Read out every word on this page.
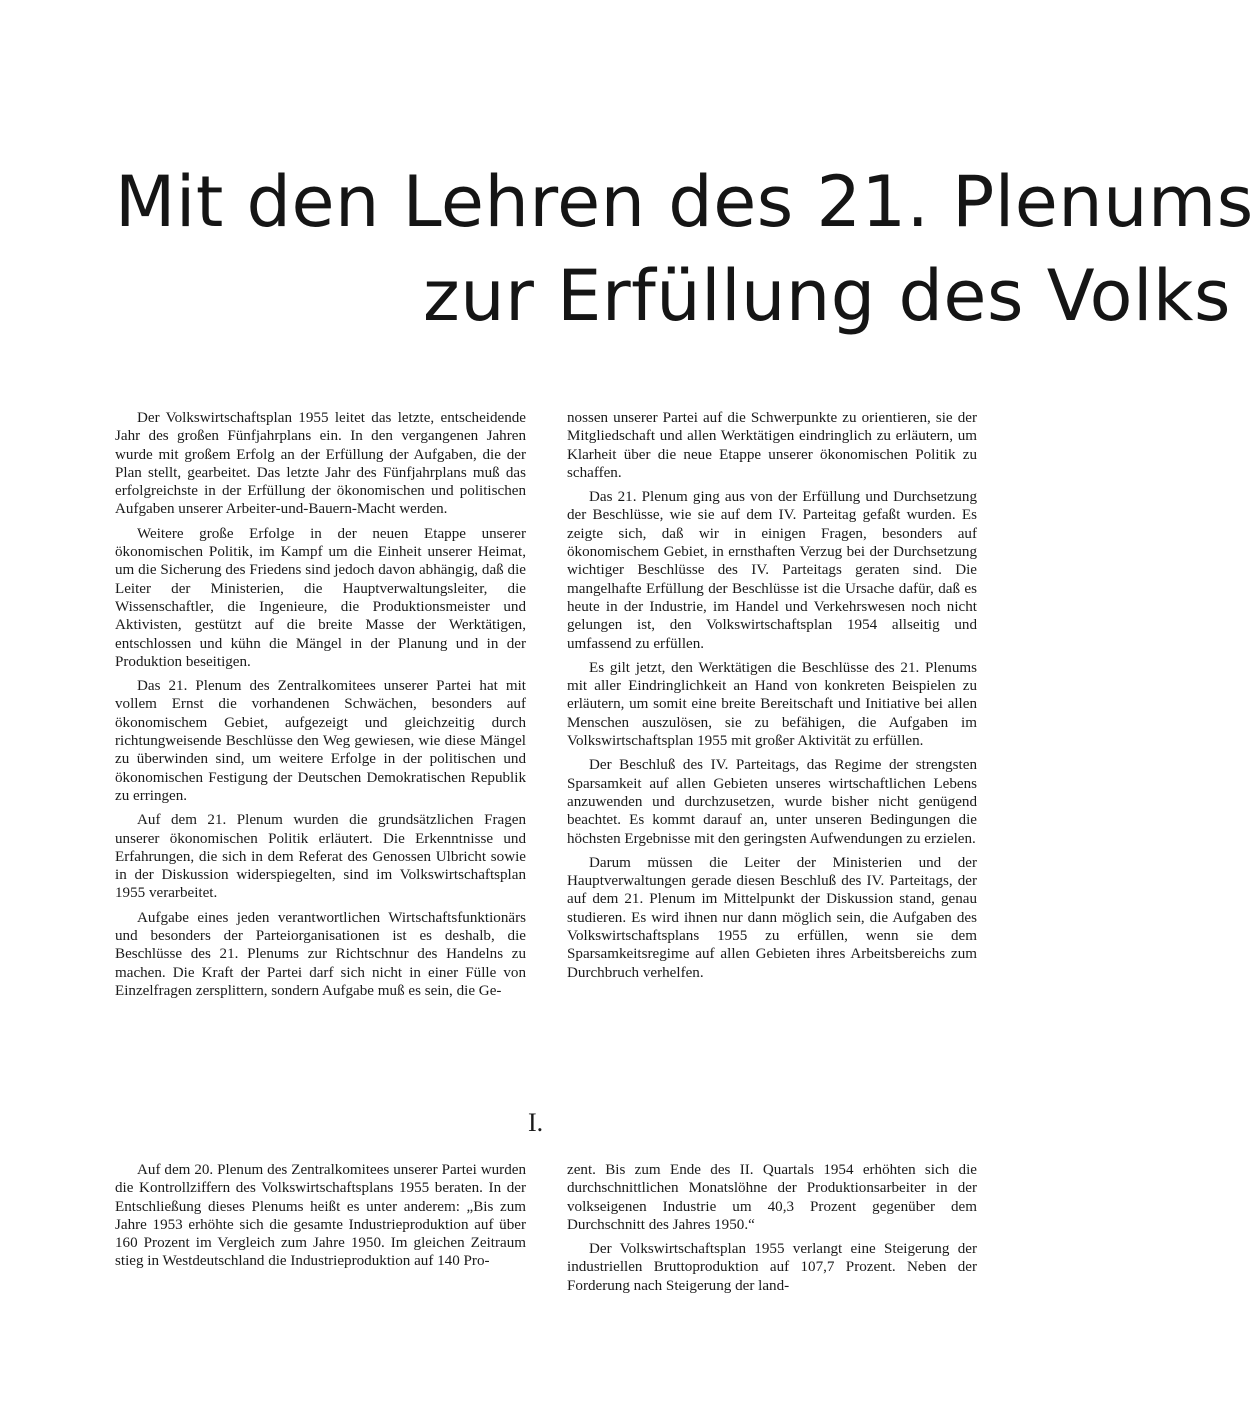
Mit den Lehren des 21. Plenums
zur Erfüllung des Volks

Der Volkswirtschaftsplan 1955 leitet das letzte, entscheidende Jahr des großen Fünfjahrplans ein. In den vergangenen Jahren wurde mit großem Erfolg an der Erfüllung der Aufgaben, die der Plan stellt, gearbeitet. Das letzte Jahr des Fünfjahrplans muß das erfolgreichste in der Erfüllung der ökonomischen und politischen Aufgaben unserer Arbeiter-und-Bauern-Macht werden.

Weitere große Erfolge in der neuen Etappe unserer ökonomischen Politik, im Kampf um die Einheit unserer Heimat, um die Sicherung des Friedens sind jedoch davon abhängig, daß die Leiter der Ministerien, die Hauptverwaltungsleiter, die Wissenschaftler, die Ingenieure, die Produktionsmeister und Aktivisten, gestützt auf die breite Masse der Werktätigen, entschlossen und kühn die Mängel in der Planung und in der Produktion beseitigen.

Das 21. Plenum des Zentralkomitees unserer Partei hat mit vollem Ernst die vorhandenen Schwächen, besonders auf ökonomischem Gebiet, aufgezeigt und gleichzeitig durch richtungweisende Beschlüsse den Weg gewiesen, wie diese Mängel zu überwinden sind, um weitere Erfolge in der politischen und ökonomischen Festigung der Deutschen Demokratischen Republik zu erringen.

Auf dem 21. Plenum wurden die grundsätzlichen Fragen unserer ökonomischen Politik erläutert. Die Erkenntnisse und Erfahrungen, die sich in dem Referat des Genossen Ulbricht sowie in der Diskussion widerspiegelten, sind im Volkswirtschaftsplan 1955 verarbeitet.

Aufgabe eines jeden verantwortlichen Wirtschaftsfunktionärs und besonders der Parteiorganisationen ist es deshalb, die Beschlüsse des 21. Plenums zur Richtschnur des Handelns zu machen. Die Kraft der Partei darf sich nicht in einer Fülle von Einzelfragen zersplittern, sondern Aufgabe muß es sein, die Ge-

nossen unserer Partei auf die Schwerpunkte zu orientieren, sie der Mitgliedschaft und allen Werktätigen eindringlich zu erläutern, um Klarheit über die neue Etappe unserer ökonomischen Politik zu schaffen.

Das 21. Plenum ging aus von der Erfüllung und Durchsetzung der Beschlüsse, wie sie auf dem IV. Parteitag gefaßt wurden. Es zeigte sich, daß wir in einigen Fragen, besonders auf ökonomischem Gebiet, in ernsthaften Verzug bei der Durchsetzung wichtiger Beschlüsse des IV. Parteitags geraten sind. Die mangelhafte Erfüllung der Beschlüsse ist die Ursache dafür, daß es heute in der Industrie, im Handel und Verkehrswesen noch nicht gelungen ist, den Volkswirtschaftsplan 1954 allseitig und umfassend zu erfüllen.

Es gilt jetzt, den Werktätigen die Beschlüsse des 21. Plenums mit aller Eindringlichkeit an Hand von konkreten Beispielen zu erläutern, um somit eine breite Bereitschaft und Initiative bei allen Menschen auszulösen, sie zu befähigen, die Aufgaben im Volkswirtschaftsplan 1955 mit großer Aktivität zu erfüllen.

Der Beschluß des IV. Parteitags, das Regime der strengsten Sparsamkeit auf allen Gebieten unseres wirtschaftlichen Lebens anzuwenden und durchzusetzen, wurde bisher nicht genügend beachtet. Es kommt darauf an, unter unseren Bedingungen die höchsten Ergebnisse mit den geringsten Aufwendungen zu erzielen.

Darum müssen die Leiter der Ministerien und der Hauptverwaltungen gerade diesen Beschluß des IV. Parteitags, der auf dem 21. Plenum im Mittelpunkt der Diskussion stand, genau studieren. Es wird ihnen nur dann möglich sein, die Aufgaben des Volkswirtschaftsplans 1955 zu erfüllen, wenn sie dem Sparsamkeitsregime auf allen Gebieten ihres Arbeitsbereichs zum Durchbruch verhelfen.

I.

Auf dem 20. Plenum des Zentralkomitees unserer Partei wurden die Kontrollziffern des Volkswirtschaftsplans 1955 beraten. In der Entschließung dieses Plenums heißt es unter anderem: „Bis zum Jahre 1953 erhöhte sich die gesamte Industrieproduktion auf über 160 Prozent im Vergleich zum Jahre 1950. Im gleichen Zeitraum stieg in Westdeutschland die Industrieproduktion auf 140 Pro-

zent. Bis zum Ende des II. Quartals 1954 erhöhten sich die durchschnittlichen Monatslöhne der Produktionsarbeiter in der volkseigenen Industrie um 40,3 Prozent gegenüber dem Durchschnitt des Jahres 1950.“

Der Volkswirtschaftsplan 1955 verlangt eine Steigerung der industriellen Bruttoproduktion auf 107,7 Prozent. Neben der Forderung nach Steigerung der land-
